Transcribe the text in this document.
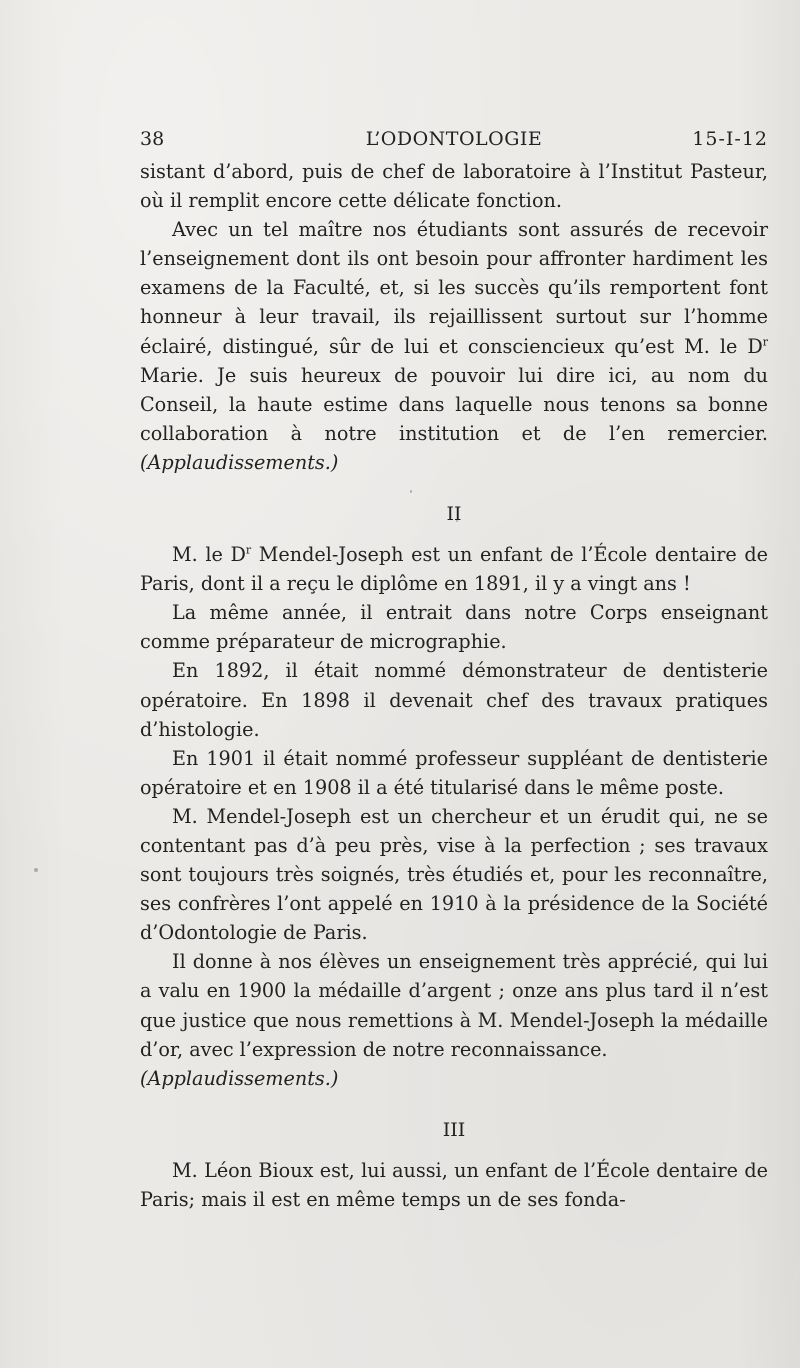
38	L’ODONTOLOGIE	15-I-12

sistant d’abord, puis de chef de laboratoire à l’Institut Pasteur, où il remplit encore cette délicate fonction.

Avec un tel maître nos étudiants sont assurés de recevoir l’enseignement dont ils ont besoin pour affronter hardiment les examens de la Faculté, et, si les succès qu’ils remportent font honneur à leur travail, ils rejaillissent surtout sur l’homme éclairé, distingué, sûr de lui et consciencieux qu’est M. le $D^r$ Marie. Je suis heureux de pouvoir lui dire ici, au nom du Conseil, la haute estime dans laquelle nous tenons sa bonne collaboration à notre institution et de l’en remercier. (Applaudissements.)

II

M. le $D^r$ Mendel-Joseph est un enfant de l’École dentaire de Paris, dont il a reçu le diplôme en 1891, il y a vingt ans !

La même année, il entrait dans notre Corps enseignant comme préparateur de micrographie.

En 1892, il était nommé démonstrateur de dentisterie opératoire. En 1898 il devenait chef des travaux pratiques d’histologie.

En 1901 il était nommé professeur suppléant de dentisterie opératoire et en 1908 il a été titularisé dans le même poste.

M. Mendel-Joseph est un chercheur et un érudit qui, ne se contentant pas d’à peu près, vise à la perfection ; ses travaux sont toujours très soignés, très étudiés et, pour les reconnaître, ses confrères l’ont appelé en 1910 à la présidence de la Société d’Odontologie de Paris.

Il donne à nos élèves un enseignement très apprécié, qui lui a valu en 1900 la médaille d’argent ; onze ans plus tard il n’est que justice que nous remettions à M. Mendel-Joseph la médaille d’or, avec l’expression de notre reconnaissance.

(Applaudissements.)

III

M. Léon Bioux est, lui aussi, un enfant de l’École dentaire de Paris; mais il est en même temps un de ses fonda-
